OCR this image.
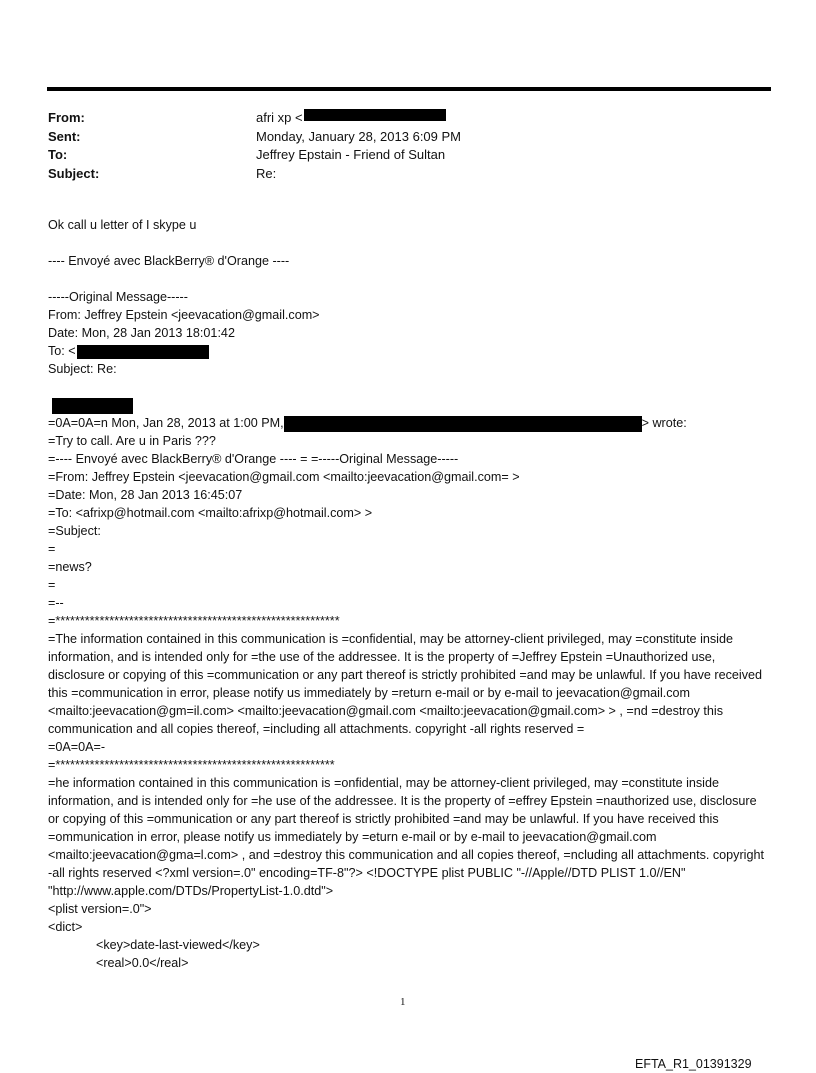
From:	afri xp <
Sent:	Monday, January 28, 2013 6:09 PM
To:	Jeffrey Epstain - Friend of Sultan
Subject:	Re:
Ok call u letter of I skype u
---- Envoyé avec BlackBerry® d'Orange ----
-----Original Message-----
From: Jeffrey Epstein <jeevacation@gmail.com>
Date: Mon, 28 Jan 2013 18:01:42
To: <
Subject: Re:
=0A=0A=n Mon, Jan 28, 2013 at 1:00 PM,	> wrote:
=Try to call. Are u in Paris ???
=---- Envoyé avec BlackBerry® d'Orange ---- = =-----Original Message-----
=From: Jeffrey Epstein <jeevacation@gmail.com <mailto:jeevacation@gmail.com= >
=Date: Mon, 28 Jan 2013 16:45:07
=To: <afrixp@hotmail.com <mailto:afrixp@hotmail.com> >
=Subject:
=
=news?
=
=--
=**********************************************************
=The information contained in this communication is =confidential, may be attorney-client privileged, may =constitute inside information, and is intended only for =the use of the addressee. It is the property of =Jeffrey Epstein =Unauthorized use, disclosure or copying of this =communication or any part thereof is strictly prohibited =and may be unlawful. If you have received this =communication in error, please notify us immediately by =return e-mail or by e-mail to jeevacation@gmail.com <mailto:jeevacation@gm=il.com> <mailto:jeevacation@gmail.com <mailto:jeevacation@gmail.com> > , =nd =destroy this communication and all copies thereof, =including all attachments. copyright -all rights reserved =
=0A=0A=-
=*********************************************************
=he information contained in this communication is =onfidential, may be attorney-client privileged, may =constitute inside information, and is intended only for =he use of the addressee. It is the property of =effrey Epstein =nauthorized use, disclosure or copying of this =ommunication or any part thereof is strictly prohibited =and may be unlawful. If you have received this =ommunication in error, please notify us immediately by =eturn e-mail or by e-mail to jeevacation@gmail.com <mailto:jeevacation@gma=l.com> , and =destroy this communication and all copies thereof, =ncluding all attachments. copyright -all rights reserved <?xml version=.0" encoding=TF-8"?> <!DOCTYPE plist PUBLIC "-//Apple//DTD PLIST 1.0//EN" "http://www.apple.com/DTDs/PropertyList-1.0.dtd">
<plist version=.0">
<dict>
<key>date-last-viewed</key>
<real>0.0</real>
1
EFTA_R1_01391329
